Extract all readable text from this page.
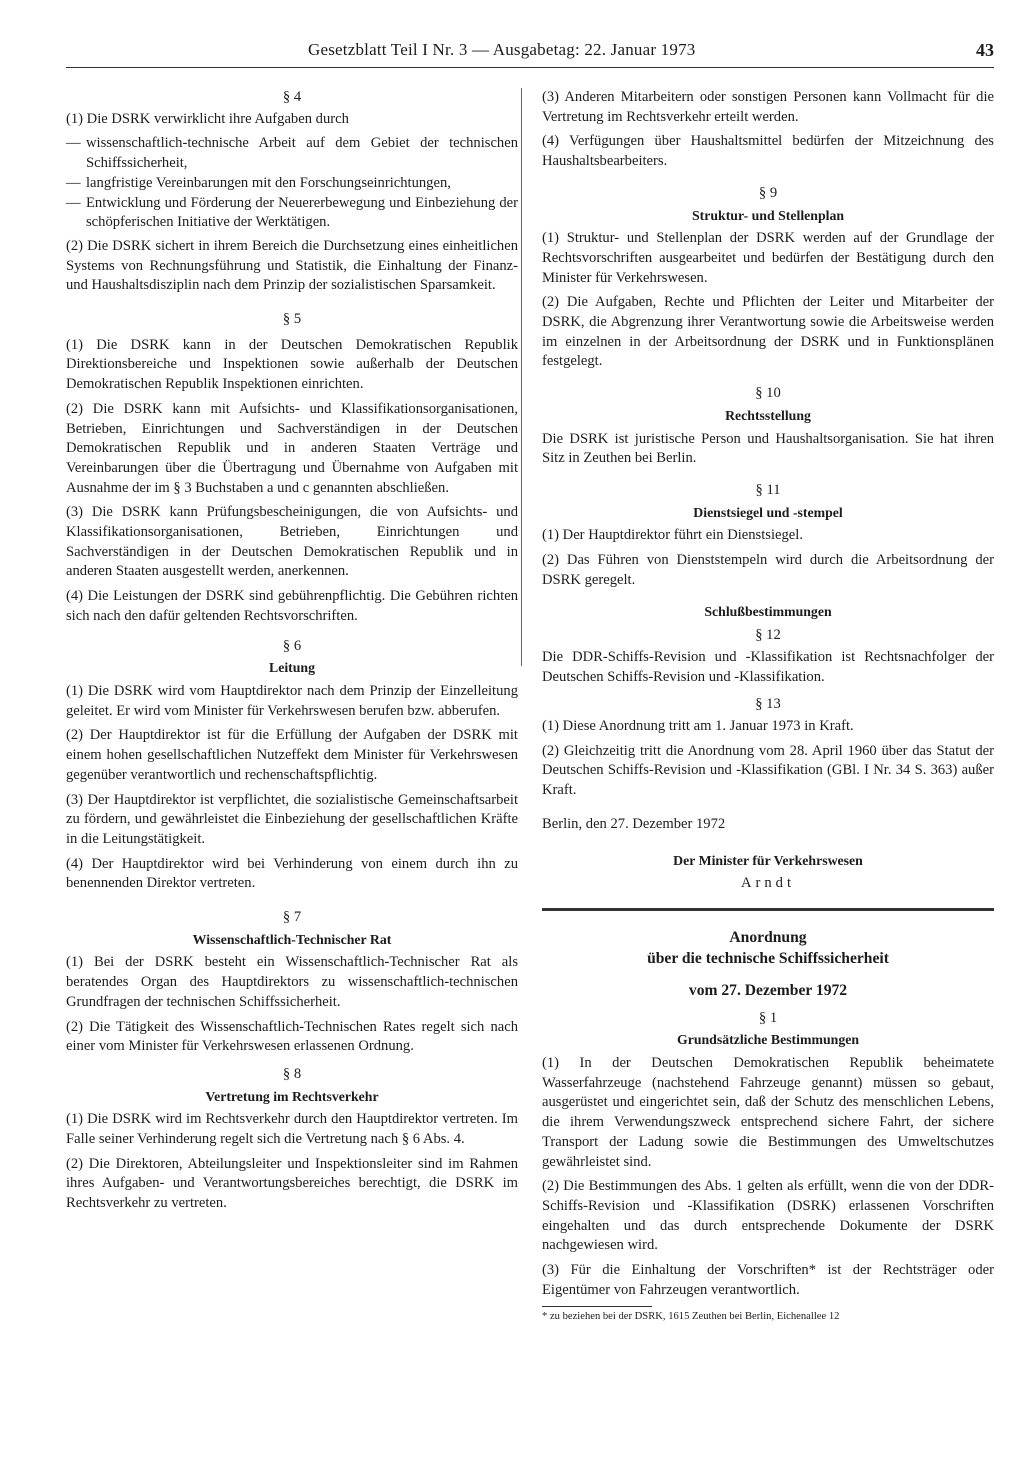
Gesetzblatt Teil I Nr. 3 — Ausgabetag: 22. Januar 1973	43
§ 4

(1) Die DSRK verwirklicht ihre Aufgaben durch

— wissenschaftlich-technische Arbeit auf dem Gebiet der technischen Schiffssicherheit,
— langfristige Vereinbarungen mit den Forschungseinrichtungen,
— Entwicklung und Förderung der Neuererbewegung und Einbeziehung der schöpferischen Initiative der Werktätigen.

(2) Die DSRK sichert in ihrem Bereich die Durchsetzung eines einheitlichen Systems von Rechnungsführung und Statistik, die Einhaltung der Finanz- und Haushaltsdisziplin nach dem Prinzip der sozialistischen Sparsamkeit.

§ 5

(1) Die DSRK kann in der Deutschen Demokratischen Republik Direktionsbereiche und Inspektionen sowie außerhalb der Deutschen Demokratischen Republik Inspektionen einrichten.

(2) Die DSRK kann mit Aufsichts- und Klassifikationsorganisationen, Betrieben, Einrichtungen und Sachverständigen in der Deutschen Demokratischen Republik und in anderen Staaten Verträge und Vereinbarungen über die Übertragung und Übernahme von Aufgaben mit Ausnahme der im § 3 Buchstaben a und c genannten abschließen.

(3) Die DSRK kann Prüfungsbescheinigungen, die von Aufsichts- und Klassifikationsorganisationen, Betrieben, Einrichtungen und Sachverständigen in der Deutschen Demokratischen Republik und in anderen Staaten ausgestellt werden, anerkennen.

(4) Die Leistungen der DSRK sind gebührenpflichtig. Die Gebühren richten sich nach den dafür geltenden Rechtsvorschriften.

§ 6
Leitung

(1) Die DSRK wird vom Hauptdirektor nach dem Prinzip der Einzelleitung geleitet. Er wird vom Minister für Verkehrswesen berufen bzw. abberufen.

(2) Der Hauptdirektor ist für die Erfüllung der Aufgaben der DSRK mit einem hohen gesellschaftlichen Nutzeffekt dem Minister für Verkehrswesen gegenüber verantwortlich und rechenschaftspflichtig.

(3) Der Hauptdirektor ist verpflichtet, die sozialistische Gemeinschaftsarbeit zu fördern, und gewährleistet die Einbeziehung der gesellschaftlichen Kräfte in die Leitungstätigkeit.

(4) Der Hauptdirektor wird bei Verhinderung von einem durch ihn zu benennenden Direktor vertreten.

§ 7
Wissenschaftlich-Technischer Rat

(1) Bei der DSRK besteht ein Wissenschaftlich-Technischer Rat als beratendes Organ des Hauptdirektors zu wissenschaftlich-technischen Grundfragen der technischen Schiffssicherheit.

(2) Die Tätigkeit des Wissenschaftlich-Technischen Rates regelt sich nach einer vom Minister für Verkehrswesen erlassenen Ordnung.

§ 8
Vertretung im Rechtsverkehr

(1) Die DSRK wird im Rechtsverkehr durch den Hauptdirektor vertreten. Im Falle seiner Verhinderung regelt sich die Vertretung nach § 6 Abs. 4.

(2) Die Direktoren, Abteilungsleiter und Inspektionsleiter sind im Rahmen ihres Aufgaben- und Verantwortungsbereiches berechtigt, die DSRK im Rechtsverkehr zu vertreten.

(3) Anderen Mitarbeitern oder sonstigen Personen kann Vollmacht für die Vertretung im Rechtsverkehr erteilt werden.

(4) Verfügungen über Haushaltsmittel bedürfen der Mitzeichnung des Haushaltsbearbeiters.

§ 9
Struktur- und Stellenplan

(1) Struktur- und Stellenplan der DSRK werden auf der Grundlage der Rechtsvorschriften ausgearbeitet und bedürfen der Bestätigung durch den Minister für Verkehrswesen.

(2) Die Aufgaben, Rechte und Pflichten der Leiter und Mitarbeiter der DSRK, die Abgrenzung ihrer Verantwortung sowie die Arbeitsweise werden im einzelnen in der Arbeitsordnung der DSRK und in Funktionsplänen festgelegt.

§ 10
Rechtsstellung

Die DSRK ist juristische Person und Haushaltsorganisation. Sie hat ihren Sitz in Zeuthen bei Berlin.

§ 11
Dienstsiegel und -stempel

(1) Der Hauptdirektor führt ein Dienstsiegel.

(2) Das Führen von Dienststempeln wird durch die Arbeitsordnung der DSRK geregelt.

Schlußbestimmungen
§ 12

Die DDR-Schiffs-Revision und -Klassifikation ist Rechtsnachfolger der Deutschen Schiffs-Revision und -Klassifikation.

§ 13

(1) Diese Anordnung tritt am 1. Januar 1973 in Kraft.

(2) Gleichzeitig tritt die Anordnung vom 28. April 1960 über das Statut der Deutschen Schiffs-Revision und -Klassifikation (GBl. I Nr. 34 S. 363) außer Kraft.

Berlin, den 27. Dezember 1972
Der Minister für Verkehrswesen
Arndt
Anordnung
über die technische Schiffssicherheit
vom 27. Dezember 1972
§ 1
Grundsätzliche Bestimmungen

(1) In der Deutschen Demokratischen Republik beheimatete Wasserfahrzeuge (nachstehend Fahrzeuge genannt) müssen so gebaut, ausgerüstet und eingerichtet sein, daß der Schutz des menschlichen Lebens, die ihrem Verwendungszweck entsprechend sichere Fahrt, der sichere Transport der Ladung sowie die Bestimmungen des Umweltschutzes gewährleistet sind.

(2) Die Bestimmungen des Abs. 1 gelten als erfüllt, wenn die von der DDR-Schiffs-Revision und -Klassifikation (DSRK) erlassenen Vorschriften eingehalten und das durch entsprechende Dokumente der DSRK nachgewiesen wird.

(3) Für die Einhaltung der Vorschriften* ist der Rechtsträger oder Eigentümer von Fahrzeugen verantwortlich.

* zu beziehen bei der DSRK, 1615 Zeuthen bei Berlin, Eichenallee 12
